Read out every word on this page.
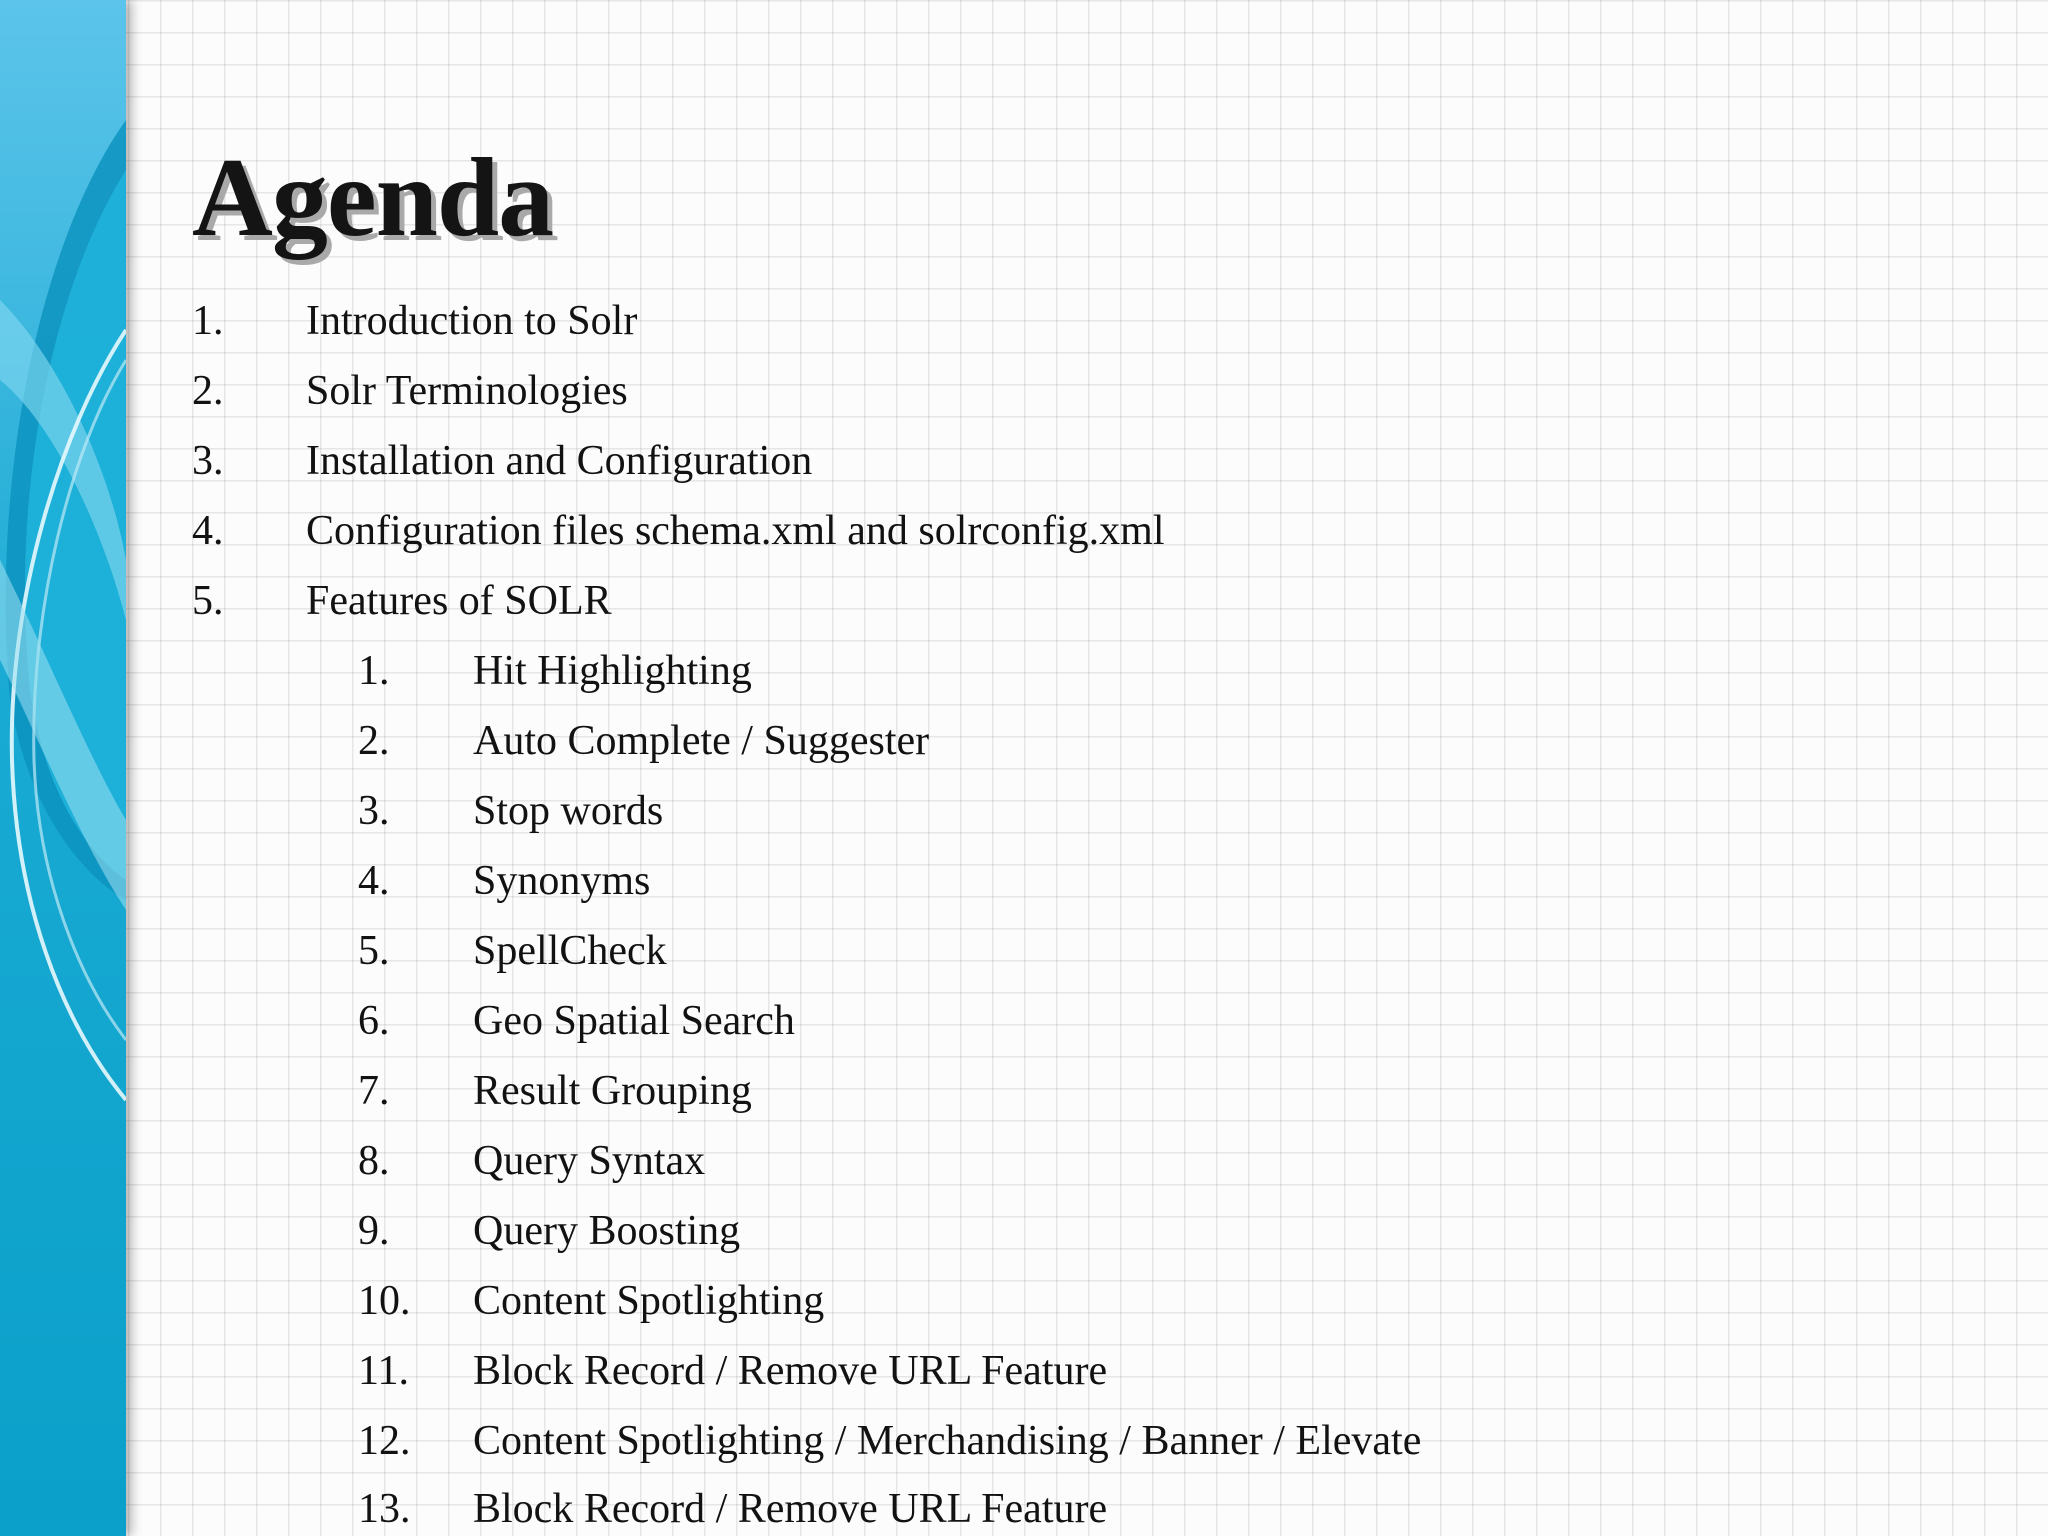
Agenda
1. Introduction to Solr
2. Solr Terminologies
3. Installation and Configuration
4. Configuration files schema.xml and solrconfig.xml
5. Features of SOLR
1. Hit Highlighting
2. Auto Complete / Suggester
3. Stop words
4. Synonyms
5. SpellCheck
6. Geo Spatial Search
7. Result Grouping
8. Query Syntax
9. Query Boosting
10. Content Spotlighting
11. Block Record / Remove URL Feature
12. Content Spotlighting / Merchandising / Banner / Elevate
13. Block Record / Remove URL Feature
